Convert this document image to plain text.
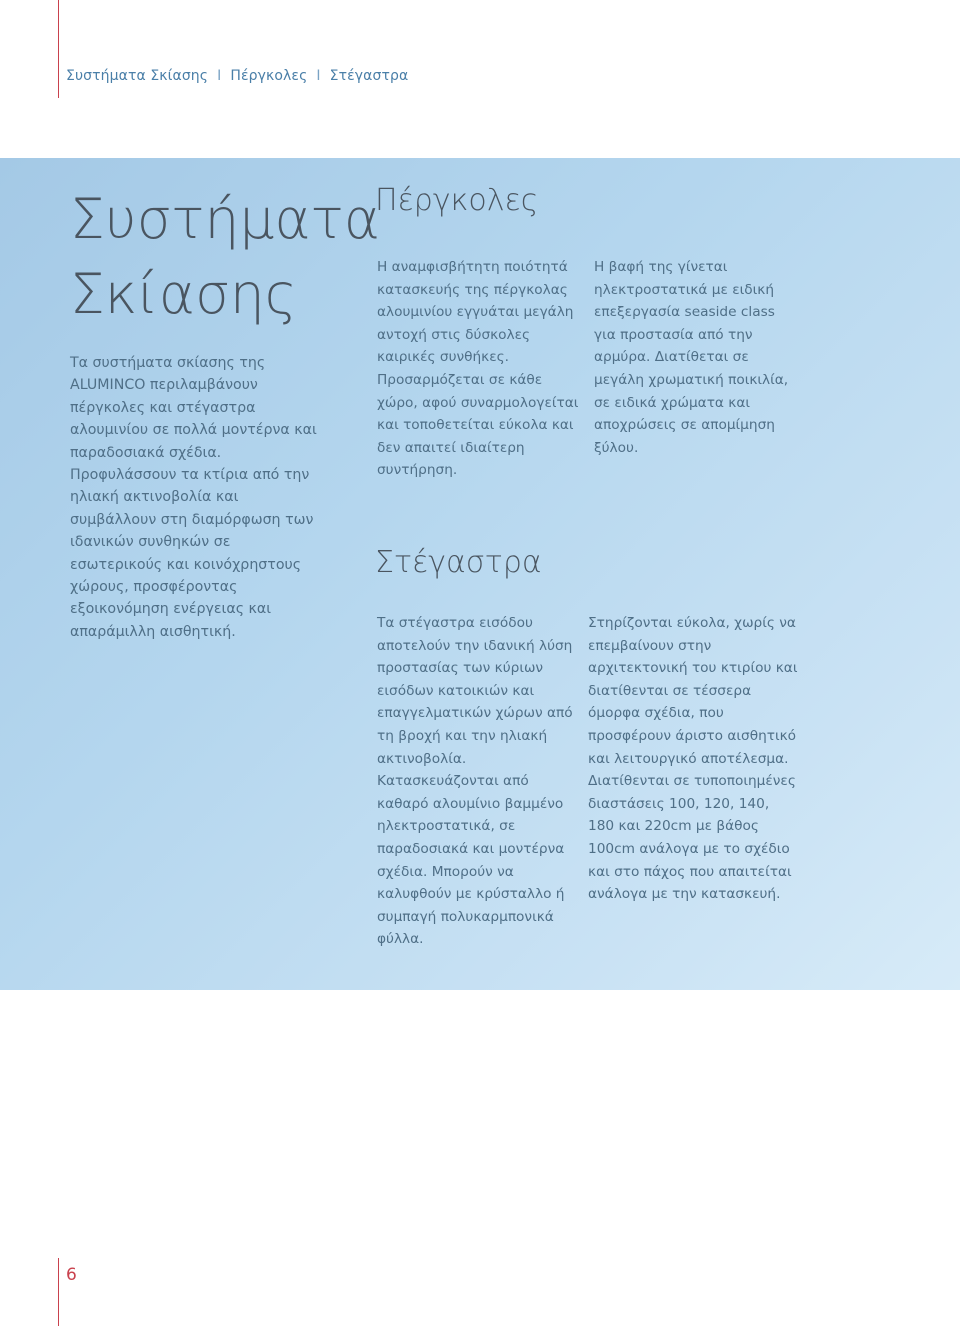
Συστήματα Σκίασης I Πέργκολες I Στέγαστρα
Συστήματα
Σκίασης

Τα συστήματα σκίασης της ALUMINCO περιλαμβάνουν πέργκολες και στέγαστρα αλουμινίου σε πολλά μοντέρνα και παραδοσιακά σχέδια. Προφυλάσσουν τα κτίρια από την ηλιακή ακτινοβολία και συμβάλλουν στη διαμόρφωση των ιδανικών συνθηκών σε εσωτερικούς και κοινόχρηστους χώρους, προσφέροντας εξοικονόμηση ενέργειας και απαράμιλλη αισθητική.

Πέργκολες

Η αναμφισβήτητη ποιότητά κατασκευής της πέργκολας αλουμινίου εγγυάται μεγάλη αντοχή στις δύσκολες καιρικές συνθήκες. Προσαρμόζεται σε κάθε χώρο, αφού συναρμολογείται και τοποθετείται εύκολα και δεν απαιτεί ιδιαίτερη συντήρηση.

Η βαφή της γίνεται ηλεκτροστατικά με ειδική επεξεργασία seaside class για προστασία από την αρμύρα. Διατίθεται σε μεγάλη χρωματική ποικιλία, σε ειδικά χρώματα και αποχρώσεις σε απομίμηση ξύλου.

Στέγαστρα

Τα στέγαστρα εισόδου αποτελούν την ιδανική λύση προστασίας των κύριων εισόδων κατοικιών και επαγγελματικών χώρων από τη βροχή και την ηλιακή ακτινοβολία. Κατασκευάζονται από καθαρό αλουμίνιο βαμμένο ηλεκτροστατικά, σε παραδοσιακά και μοντέρνα σχέδια. Μπορούν να καλυφθούν με κρύσταλλο ή συμπαγή πολυκαρμπονικά φύλλα.

Στηρίζονται εύκολα, χωρίς να επεμβαίνουν στην αρχιτεκτονική του κτιρίου και διατίθενται σε τέσσερα όμορφα σχέδια, που προσφέρουν άριστο αισθητικό και λειτουργικό αποτέλεσμα. Διατίθενται σε τυποποιημένες διαστάσεις 100, 120, 140, 180 και 220cm με βάθος 100cm ανάλογα με το σχέδιο και στο πάχος που απαιτείται ανάλογα με την κατασκευή.

6
